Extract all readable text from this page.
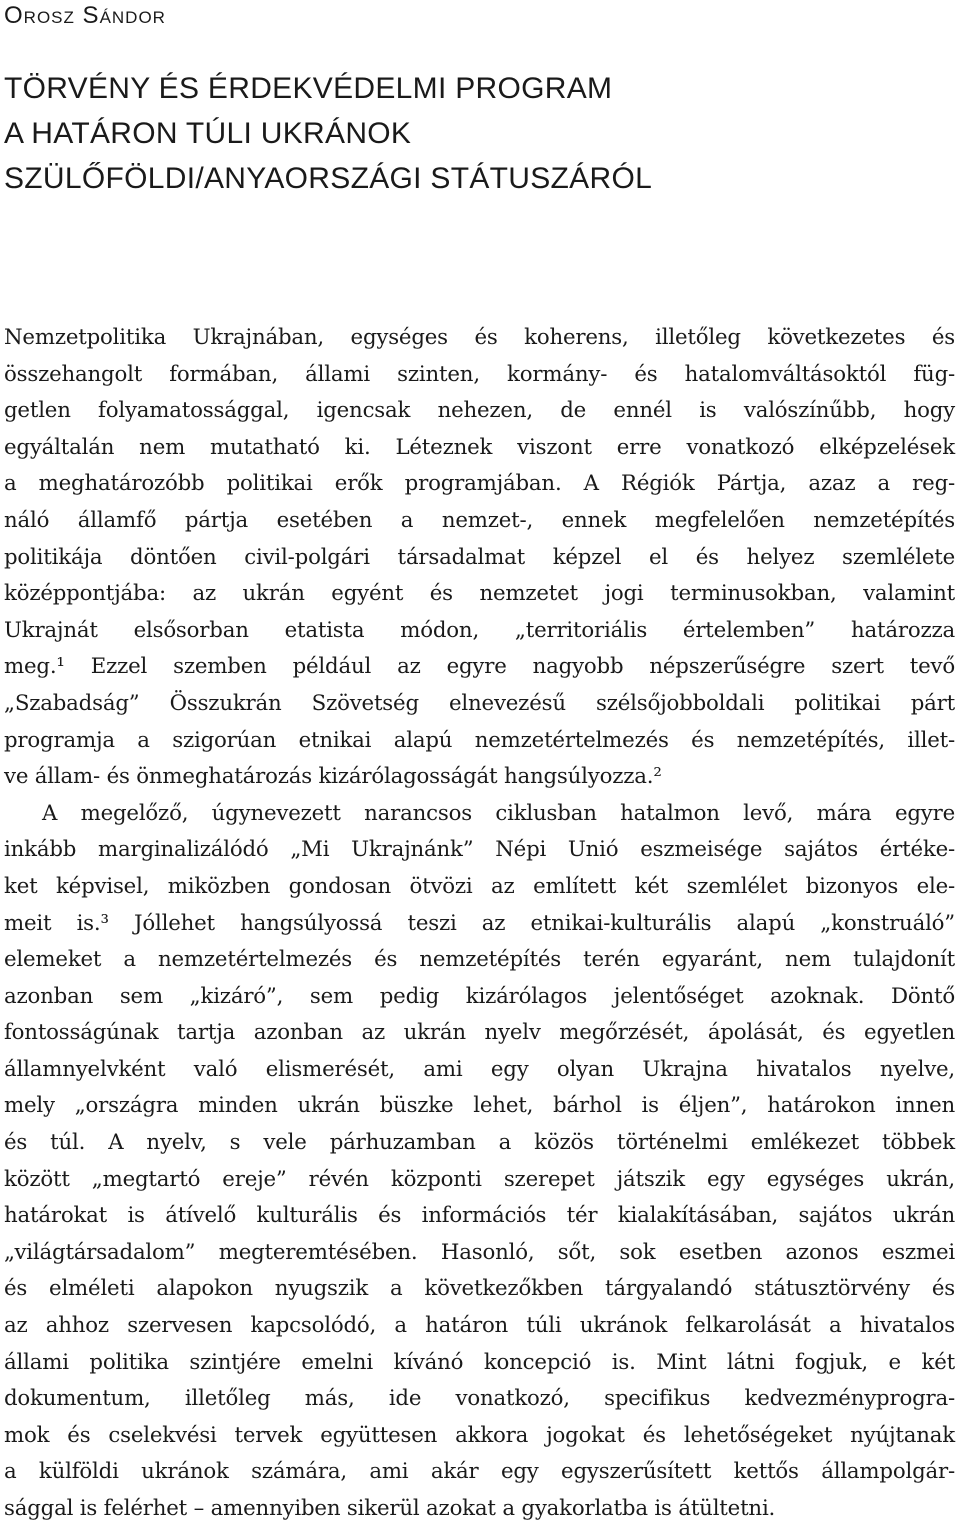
Orosz Sándor
TÖRVÉNY ÉS ÉRDEKVÉDELMI PROGRAM
A HATÁRON TÚLI UKRÁNOK
SZÜLŐFÖLDI/ANYAORSZÁGI STÁTUSZÁRÓL
Nemzetpolitika Ukrajnában, egységes és koherens, illetőleg következetes és
összehangolt formában, állami szinten, kormány- és hatalomváltásoktól füg-
getlen folyamatossággal, igencsak nehezen, de ennél is valószínűbb, hogy
egyáltalán nem mutatható ki. Léteznek viszont erre vonatkozó elképzelések
a meghatározóbb politikai erők programjában. A Régiók Pártja, azaz a reg-
náló államfő pártja esetében a nemzet-, ennek megfelelően nemzetépítés
politikája döntően civil-polgári társadalmat képzel el és helyez szemlélete
középpontjába: az ukrán egyént és nemzetet jogi terminusokban, valamint
Ukrajnát elsősorban etatista módon, „territoriális értelemben” határozza
meg.¹ Ezzel szemben például az egyre nagyobb népszerűségre szert tevő
„Szabadság” Összukrán Szövetség elnevezésű szélsőjobboldali politikai párt
programja a szigorúan etnikai alapú nemzetértelmezés és nemzetépítés, illet-
ve állam- és önmeghatározás kizárólagosságát hangsúlyozza.²
A megelőző, úgynevezett narancsos ciklusban hatalmon levő, mára egyre
inkább marginalizálódó „Mi Ukrajnánk” Népi Unió eszmeisége sajátos értéke-
ket képvisel, miközben gondosan ötvözi az említett két szemlélet bizonyos ele-
meit is.³ Jóllehet hangsúlyossá teszi az etnikai-kulturális alapú „konstruáló”
elemeket a nemzetértelmezés és nemzetépítés terén egyaránt, nem tulajdonít
azonban sem „kizáró”, sem pedig kizárólagos jelentőséget azoknak. Döntő
fontosságúnak tartja azonban az ukrán nyelv megőrzését, ápolását, és egyetlen
államnyelvként való elismerését, ami egy olyan Ukrajna hivatalos nyelve,
mely „országra minden ukrán büszke lehet, bárhol is éljen”, határokon innen
és túl. A nyelv, s vele párhuzamban a közös történelmi emlékezet többek
között „megtartó ereje” révén központi szerepet játszik egy egységes ukrán,
határokat is átívelő kulturális és információs tér kialakításában, sajátos ukrán
„világtársadalom” megteremtésében. Hasonló, sőt, sok esetben azonos eszmei
és elméleti alapokon nyugszik a következőkben tárgyalandó státusztörvény és
az ahhoz szervesen kapcsolódó, a határon túli ukránok felkarolását a hivatalos
állami politika szintjére emelni kívánó koncepció is. Mint látni fogjuk, e két
dokumentum, illetőleg más, ide vonatkozó, specifikus kedvezményprogra-
mok és cselekvési tervek együttesen akkora jogokat és lehetőségeket nyújtanak
a külföldi ukránok számára, ami akár egy egyszerűsített kettős állampolgár-
sággal is felérhet – amennyiben sikerül azokat a gyakorlatba is átültetni.
